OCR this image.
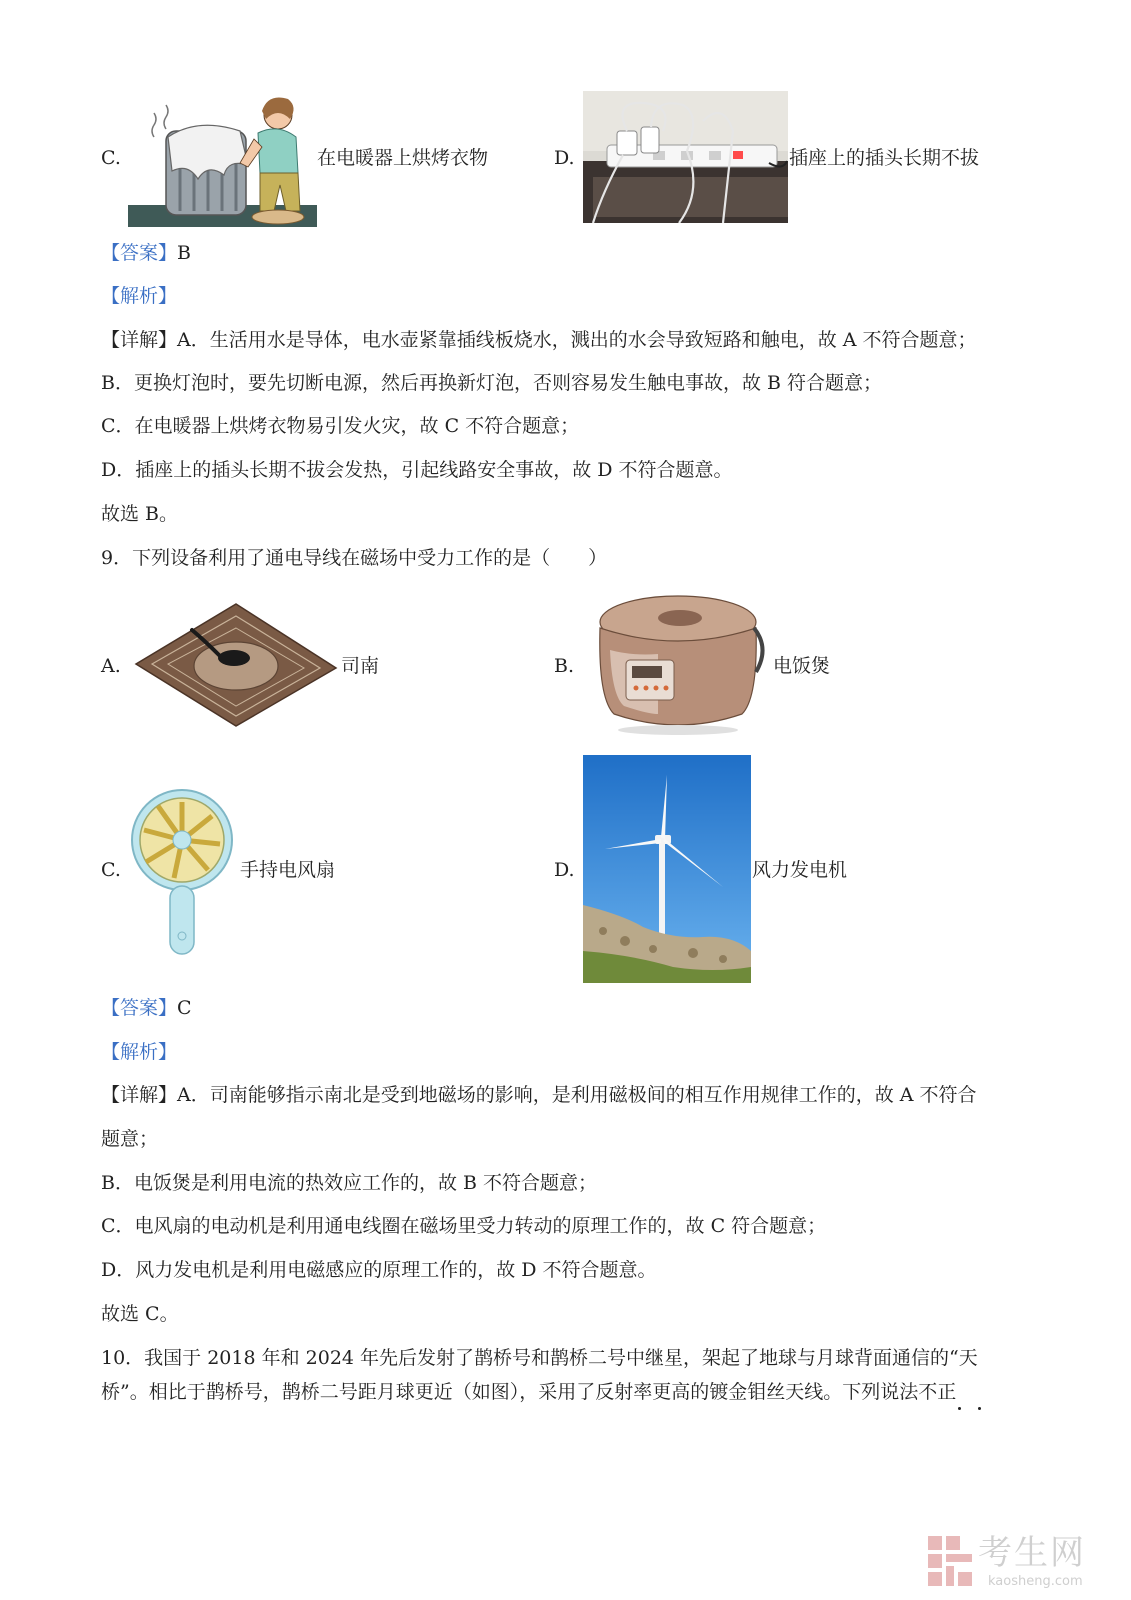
C.	在电暖器上烘烤衣物	D.	插座上的插头长期不拔
【答案】B
【解析】
【详解】A．生活用水是导体，电水壶紧靠插线板烧水，溅出的水会导致短路和触电，故 A 不符合题意；
B．更换灯泡时，要先切断电源，然后再换新灯泡，否则容易发生触电事故，故 B 符合题意；
C．在电暖器上烘烤衣物易引发火灾，故 C 不符合题意；
D．插座上的插头长期不拔会发热，引起线路安全事故，故 D 不符合题意。
故选 B。
9．下列设备利用了通电导线在磁场中受力工作的是（　　）
A.	司南	B.	电饭煲
C.	手持电风扇	D.	风力发电机
【答案】C
【解析】
【详解】A．司南能够指示南北是受到地磁场的影响，是利用磁极间的相互作用规律工作的，故 A 不符合
题意；
B．电饭煲是利用电流的热效应工作的，故 B 不符合题意；
C．电风扇的电动机是利用通电线圈在磁场里受力转动的原理工作的，故 C 符合题意；
D．风力发电机是利用电磁感应的原理工作的，故 D 不符合题意。
故选 C。
10．我国于 2018 年和 2024 年先后发射了鹊桥号和鹊桥二号中继星，架起了地球与月球背面通信的“天
桥”。相比于鹊桥号，鹊桥二号距月球更近（如图），采用了反射率更高的镀金钼丝天线。下列说法不正
考生网
kaosheng.com
